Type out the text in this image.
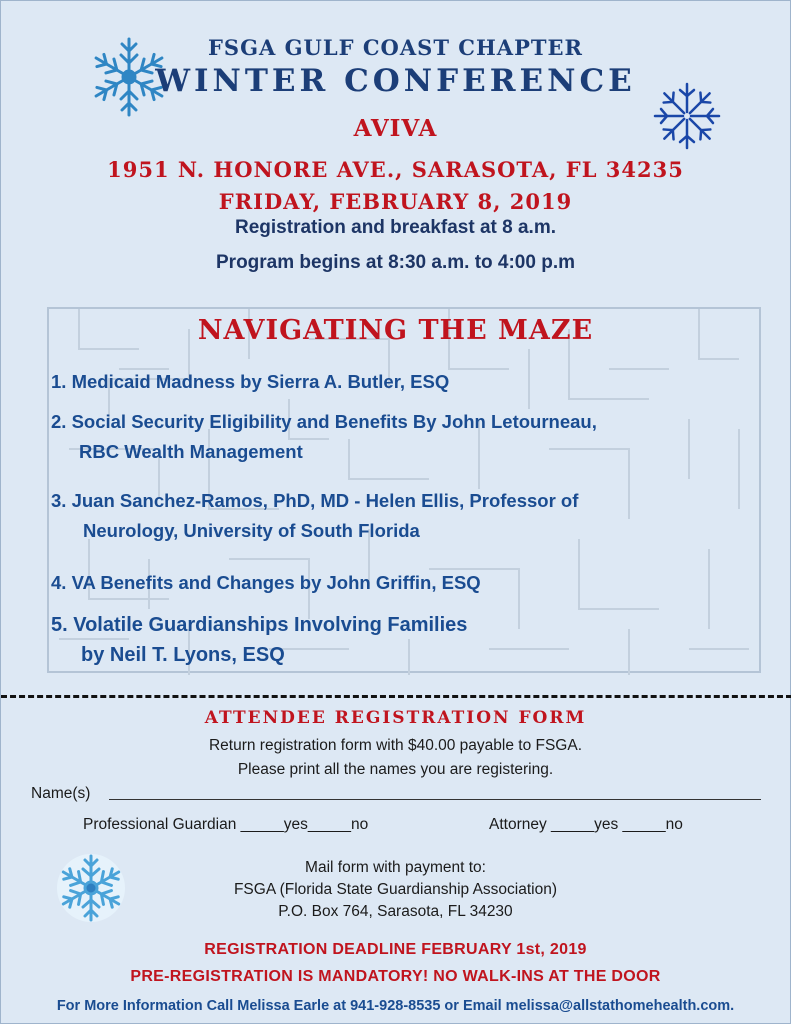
FSGA GULF COAST CHAPTER
WINTER CONFERENCE
AVIVA
1951 N. HONORE AVE., SARASOTA, FL 34235
FRIDAY, FEBRUARY 8, 2019
Registration and breakfast at 8 a.m.
Program begins at 8:30 a.m. to 4:00 p.m
NAVIGATING THE MAZE
1. Medicaid Madness by Sierra A. Butler, ESQ
2. Social Security Eligibility and Benefits By John Letourneau,
RBC Wealth Management
3. Juan Sanchez-Ramos, PhD, MD - Helen Ellis, Professor of
Neurology, University of South Florida
4. VA Benefits and Changes by John Griffin, ESQ
5. Volatile Guardianships Involving Families
by Neil T. Lyons, ESQ
ATTENDEE REGISTRATION FORM
Return registration form with $40.00 payable to FSGA.
Please print all the names you are registering.
Name(s)
Professional Guardian _____yes_____no	Attorney _____yes _____no
Mail form with payment to:
FSGA (Florida State Guardianship Association)
P.O. Box 764, Sarasota, FL 34230
REGISTRATION DEADLINE FEBRUARY 1st, 2019
PRE-REGISTRATION IS MANDATORY! NO WALK-INS AT THE DOOR
For More Information Call Melissa Earle at 941-928-8535 or Email melissa@allstathomehealth.com.
